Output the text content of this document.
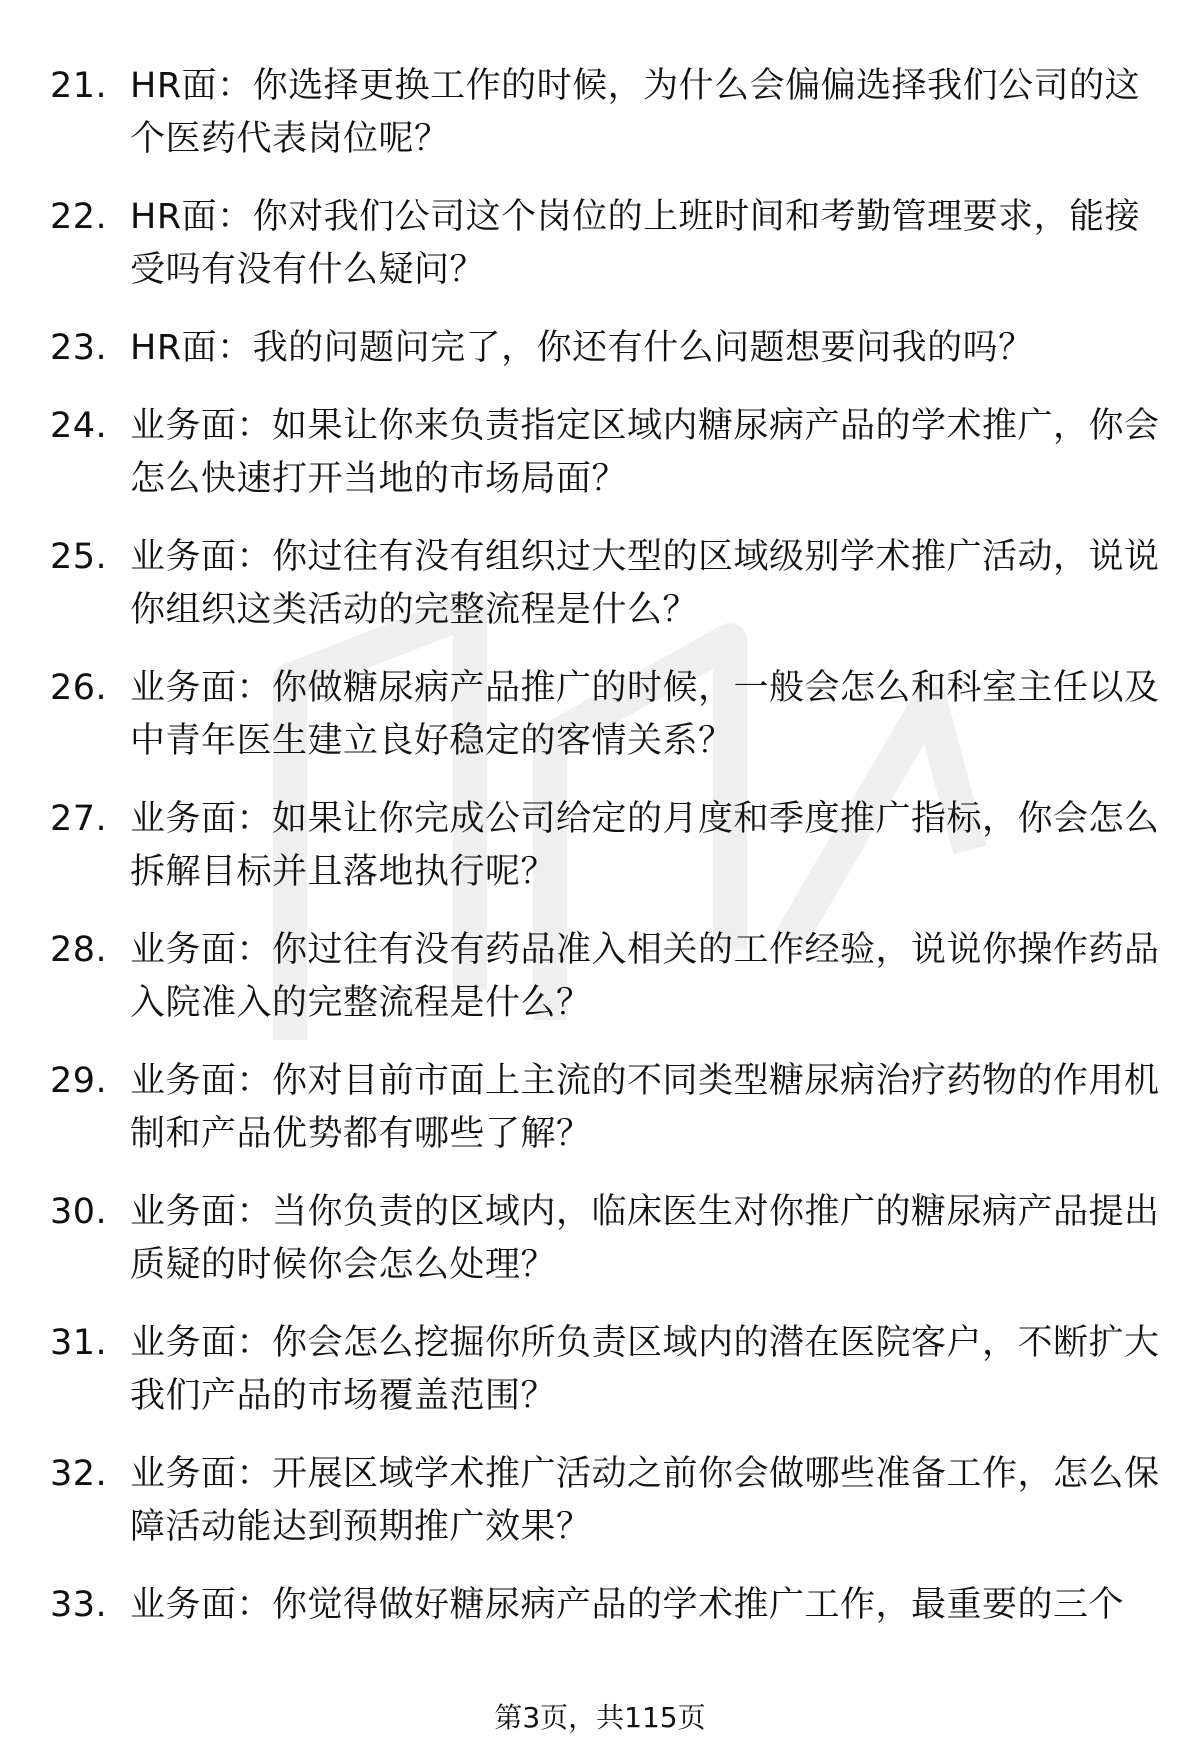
21. HR面：你选择更换工作的时候，为什么会偏偏选择我们公司的这个医药代表岗位呢？
22. HR面：你对我们公司这个岗位的上班时间和考勤管理要求，能接受吗有没有什么疑问？
23. HR面：我的问题问完了，你还有什么问题想要问我的吗？
24. 业务面：如果让你来负责指定区域内糖尿病产品的学术推广，你会怎么快速打开当地的市场局面？
25. 业务面：你过往有没有组织过大型的区域级别学术推广活动，说说你组织这类活动的完整流程是什么？
26. 业务面：你做糖尿病产品推广的时候，一般会怎么和科室主任以及中青年医生建立良好稳定的客情关系？
27. 业务面：如果让你完成公司给定的月度和季度推广指标，你会怎么拆解目标并且落地执行呢？
28. 业务面：你过往有没有药品准入相关的工作经验，说说你操作药品入院准入的完整流程是什么？
29. 业务面：你对目前市面上主流的不同类型糖尿病治疗药物的作用机制和产品优势都有哪些了解？
30. 业务面：当你负责的区域内，临床医生对你推广的糖尿病产品提出质疑的时候你会怎么处理？
31. 业务面：你会怎么挖掘你所负责区域内的潜在医院客户，不断扩大我们产品的市场覆盖范围？
32. 业务面：开展区域学术推广活动之前你会做哪些准备工作，怎么保障活动能达到预期推广效果？
33. 业务面：你觉得做好糖尿病产品的学术推广工作，最重要的三个
第3页，共115页
